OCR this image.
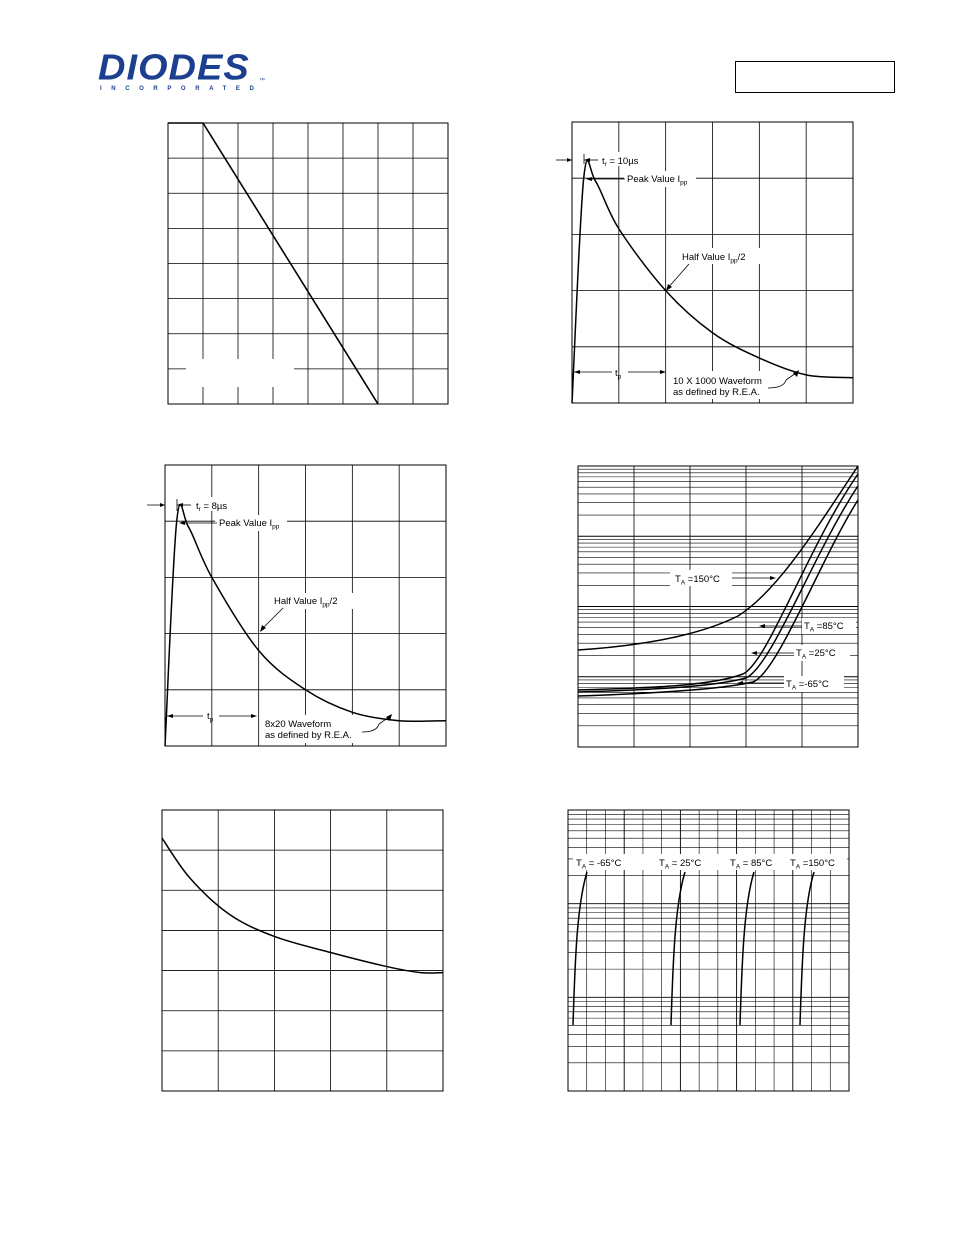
DIODES
INCORPORATED
™
$t_r = 10\mu s$
Peak Value $I_{pp}$
Half Value $I_{pp}/2$
$t_p$	10 X 1000 Waveform
as defined by R.E.A.
$t_r = 8\mu s$
Peak Value $I_{pp}$
Half Value $I_{pp}/2$
$t_p$	8x20 Waveform
as defined by R.E.A.
$T_A =150^\circ C$
$T_A =85^\circ C$
$T_A =25^\circ C$
$T_A =-65^\circ C$
$T_A = -65^\circ C$	$T_A = 25^\circ C$	$T_A = 85^\circ C$ $T_A =150^\circ C$
